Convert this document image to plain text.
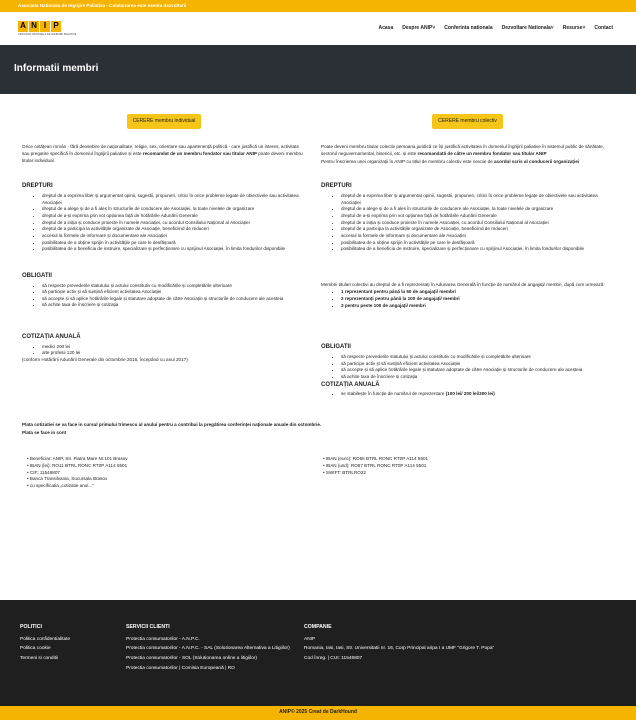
Asociatia Nationala de Ingrijire Paliativa - Colaborarea este esenta dezvoltarii
A N I P
ASOCIATIA NATIONALA DE INGRIJIRI PALIATIVE
Acasa Despre ANIP˅ Conferinta nationala Dezvoltare Nationala˅ Resurse˅ Contact
Informatii membri
CERERE membru individual

Orice cetățean român - fără deosebire de naționalitate, religie, sex, orientare sau apartenență politică - care justifică un interes, activitate sau pregatire specifică în domeniul îngrijirii paliative și este recomandat de un membru fondator sau titular ANIP poate deveni membru titular individual.

DREPTURI
• dreptul de a exprima liber și argumentat opinii, sugestii, propuneri, critici în orice probleme legate de obiectivele sau activitatea Asociației
• dreptul de a alege și de a fi ales în structurile de conducere ale Asociației, la toate nivelele de organizare
• dreptul de a-și exprima prin vot opțiunea față de hotărârile Adunării Generale
• dreptul de a iniția și conduce proiecte în numele Asociației, cu acordul Consiliului Național al Asociației
• dreptul de a participa la activitățile organizate de Asociație, beneficiind de reduceri
• accesul la formele de informare și documentare ale Asociației
• posibilitatea de a obține sprijin în activitățile pe care le desfășoară
• posibilitatea de a beneficia de instruire, specializare și perfecționare cu sprijinul Asociației, în limita fondurilor disponibile
OBLIGATII
• să respecte prevederile statutului și actului constitutiv cu modificările și completările ulterioare
• să participe activ și să susțină eficient activitatea Asociației
• să accepte și să aplice hotărârile legale și statutare adoptate de către Asociație și structurile de conducere ale acesteia
• să achite taxa de înscriere și cotizația
COTIZAȚIA ANUALĂ
• medici 200 lei
• alte profesii 120 lei

(conform Hotărârii Adunării Generale din octombrie 2016, începând cu anul 2017)

CERERE membru colectiv

Poate deveni membru titular colectiv persoana juridică ce își justifică activitatea în domeniul îngrijirii paliative în sistemul public de sănătate, sectorul neguvernamental, bisericii, etc. și este recomandată de către un membru fondator sau titular ANIP

Pentru înscrierea unei organizații în ANIP cu titlul de membru colectiv este nevoie de acordul scris al conducerii organizației

DREPTURI
• dreptul de a exprima liber și argumentat opinii, sugestii, propuneri, critici în orice probleme legate de obiectivele sau activitatea Asociației
• dreptul de a alege și de a fi ales în structurile de conducere ale Asociației, la toate nivelele de organizare
• dreptul de a-și exprima prin vot opțiunea față de hotărârile Adunării Generale
• dreptul de a iniția și conduce proiecte în numele Asociației, cu acordul Consiliului Național al Asociației
• dreptul de a participa la activitățile organizate de Asociație, beneficiind de reduceri
• accesul la formele de informare și documentare ale Asociației
• posibilitatea de a obține sprijin în activitățile pe care le desfășoară
• posibilitatea de a beneficia de instruire, specializare și perfecționare cu sprijinul Asociației, în limita fondurilor disponibile

Membrii titulari colectivi au dreptul de a fi reprezentați în Adunarea Generală în funcție de numărul de angajați/ membri, după cum urmează:

• 1 reprezentant pentru până la 50 de angajați/ membri
• 2 reprezentanți pentru până la 100 de angajați/ membri
• 3 pentru peste 100 de angajați/ membri
OBLIGATII
• să respecte prevederile statutului și actului constitutiv cu modificările și completările ulterioare
• să participe activ și să susțină eficient activitatea Asociației
• să accepte și să aplice hotărârile legale și statutare adoptate de către Asociație și structurile de conducere ale acesteia
• să achite taxa de înscriere și cotizația
COTIZAȚIA ANUALĂ
• se stabilește în funcție de numărul de reprezentare (100 lei/ 200 lei/300 lei)

Plata cotizatiei se va face in cursul primului trimescu al anului pentru a contribui la pregătirea conferinței naționale anuale din octombrie.

Plata se face in cont

• Beneficiar: ANIP, Str. Piatra Mare Nr.101 Brasov
• IBAN (lei): RO11 BTRL RONC RT0P A114 5501
• CIF: 11546807
• Banca Transilvania, Sucursala Brasov
• cu specificatia „cotizatie anul...”
• IBAN (euro): RO55 BTRL RONC RT0P A114 5501
• IBAN (usd): RO67 BTRL RONC RT0P A114 5501
• SWIFT: BTRLRO22
POLITICI
Politica confidentialitate
Politica cookie
Termeni si conditii
SERVICII CLIENTI
Protectia consumatorilor - A.N.P.C.
Protectia consumatorilor - A.N.P.C. - SAL (Solutionarea Alternativa a Litigiilor)
Protectia consumatorilor - SOL (Solutionarea online a litigiilor)
Protectia consumatorilor | Comisia Europeană | RO
COMPANIE
ANIP
Romania, Iasi, Iasi, Str. Universitatii nr. 16, Corp Principal aripa I a UMF "Grigore T. Popa"
Cod înreg. | CUI: 11546807
ANIP© 2025 Creat de DarkHound
